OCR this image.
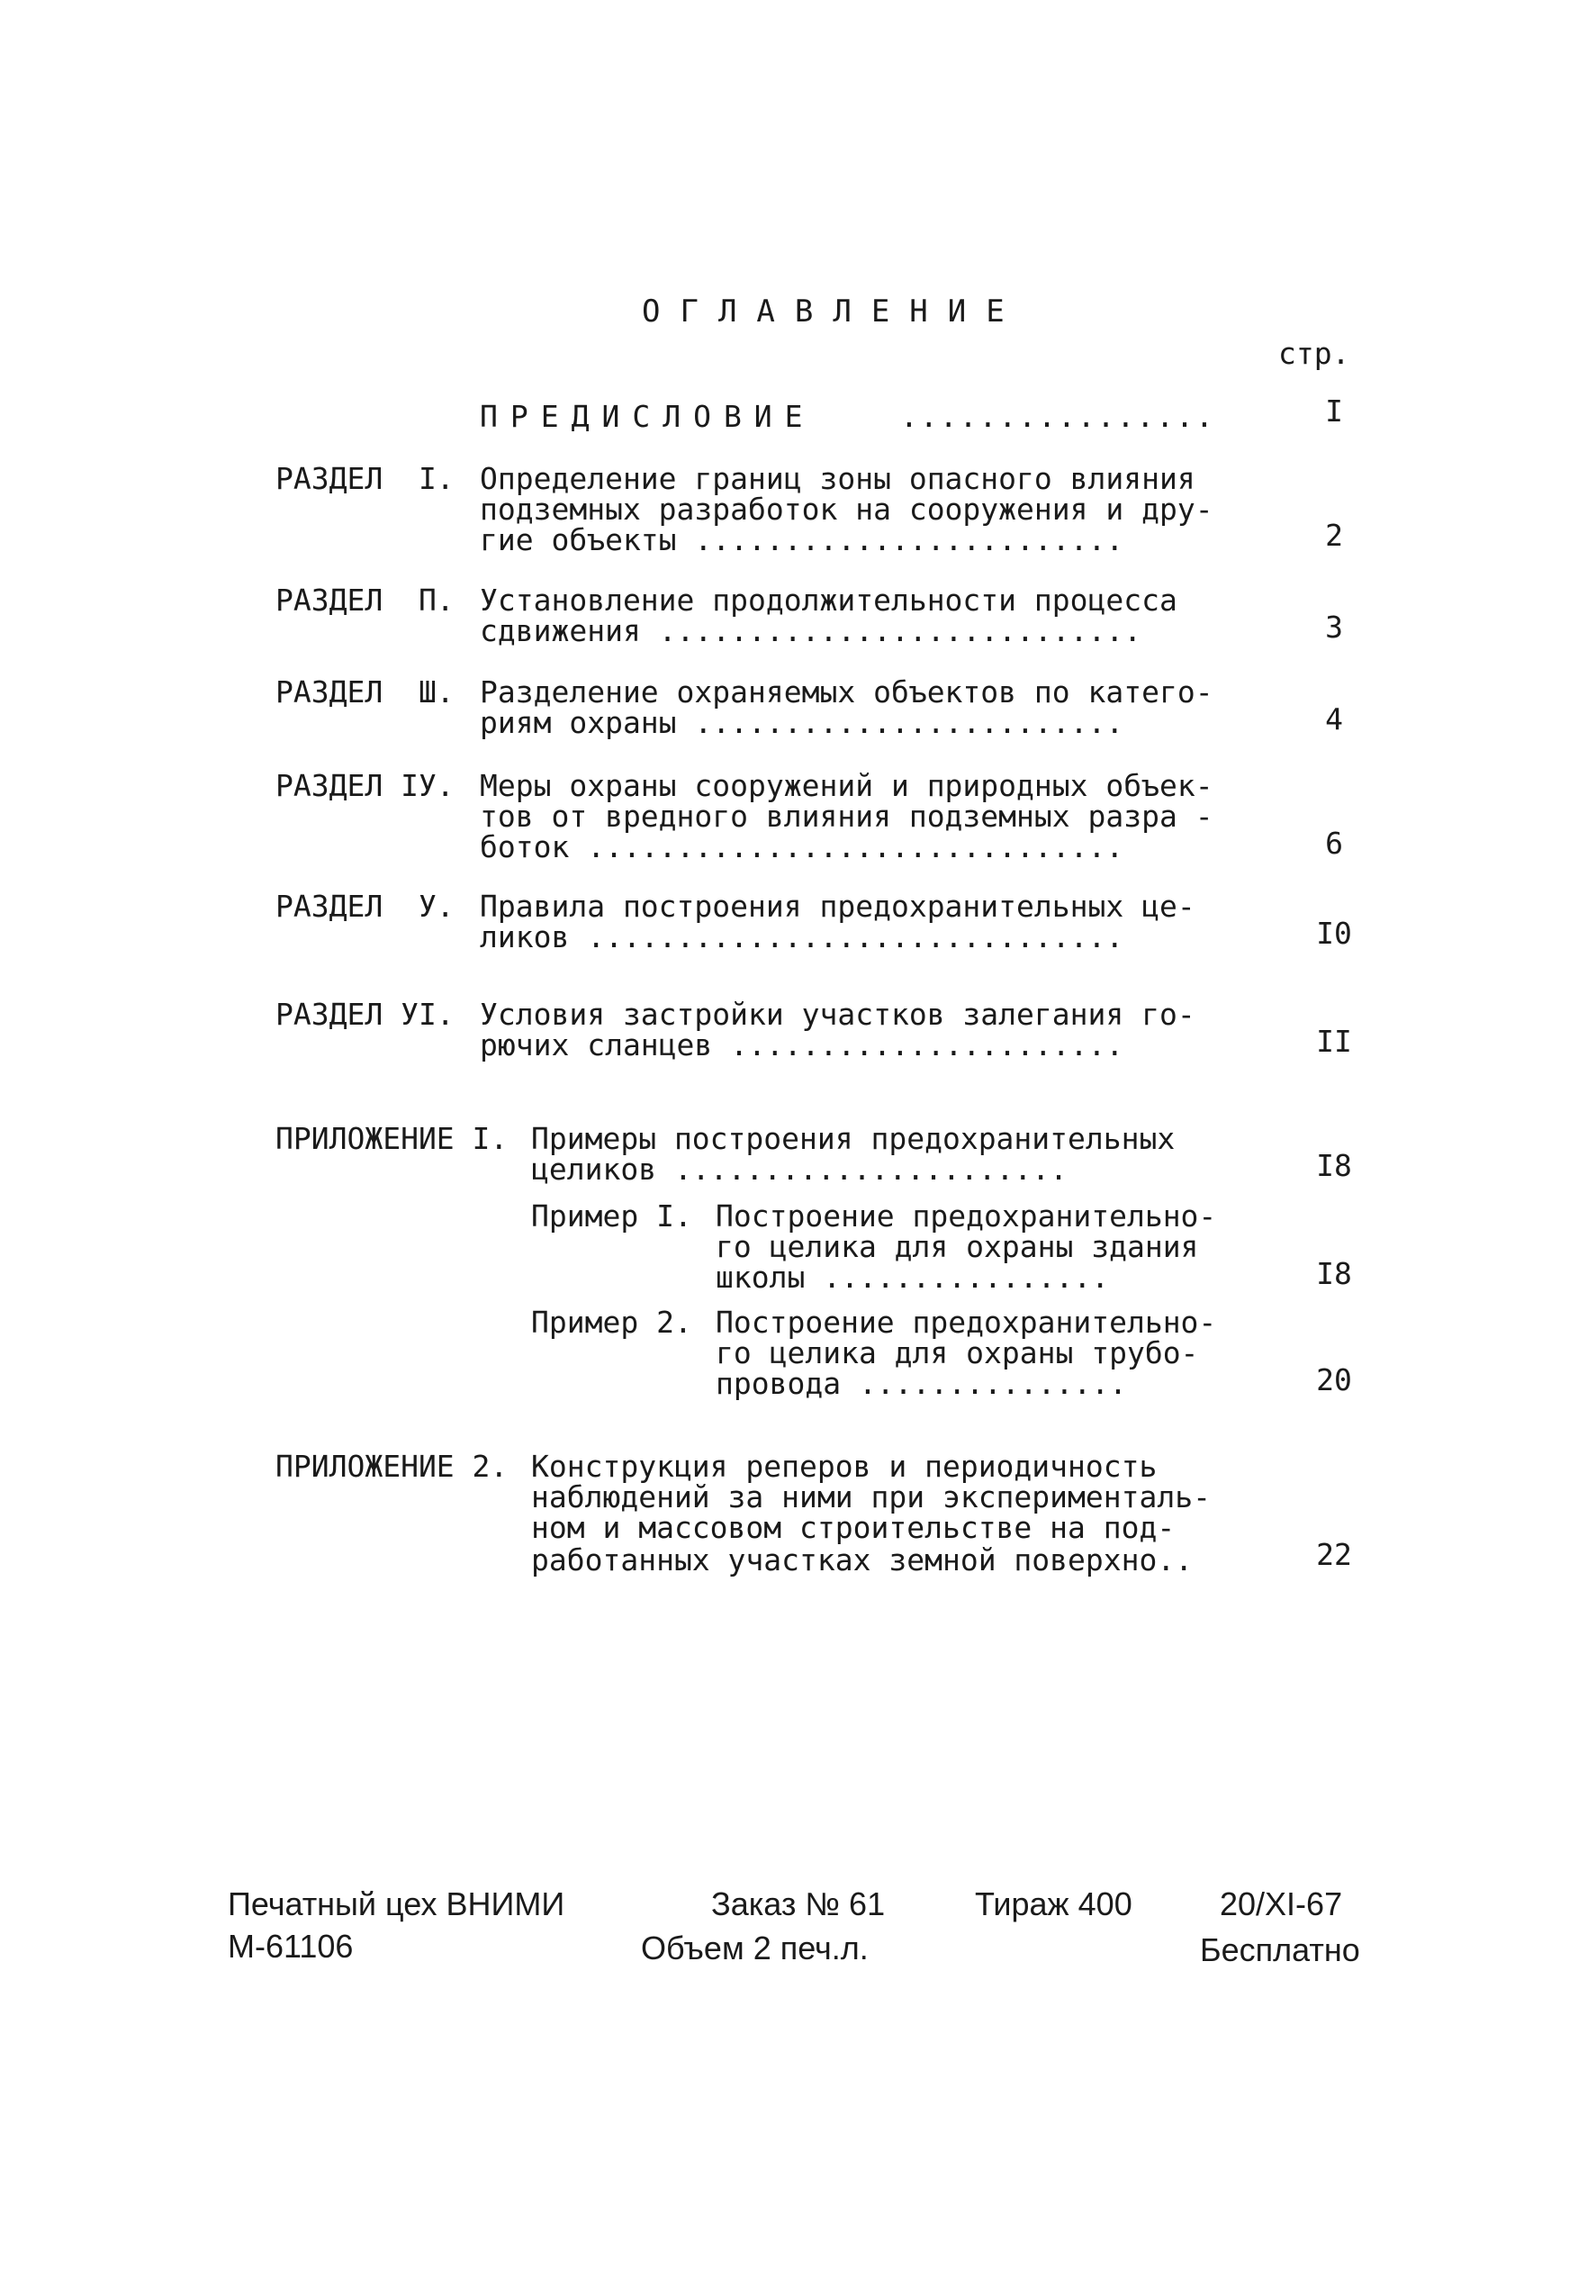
ОГЛАВЛЕНИЕ
стр.
ПРЕДИСЛОВИЕ	................	I
РАЗДЕЛ  I. Определение границ зоны опасного влияния
подземных разработок на сооружения и дру-
гие объекты ........................	2
РАЗДЕЛ  П. Установление продолжительности процесса
сдвижения ...........................	3
РАЗДЕЛ  Ш. Разделение охраняемых объектов по катего-
риям охраны ........................	4
РАЗДЕЛ IУ. Меры охраны сооружений и природных объек-
тов от вредного влияния подземных разра -
боток ..............................	6
РАЗДЕЛ  У. Правила построения предохранительных це-
ликов ..............................	I0
РАЗДЕЛ УI. Условия застройки участков залегания го-
рючих сланцев ......................	II
ПРИЛОЖЕНИЕ I. Примеры построения предохранительных
целиков ......................	I8
Пример I. Построение предохранительно-
го целика для охраны здания
школы ................	I8
Пример 2. Построение предохранительно-
го целика для охраны трубо-
провода ...............	20
ПРИЛОЖЕНИЕ 2. Конструкция реперов и периодичность
наблюдений за ними при эксперименталь-
ном и массовом строительстве на под-
работанных участках земной поверхно..	22
Печатный цех ВНИМИ	Заказ № 61	Тираж 400	20/XI-67
М-61106	Объем 2 печ.л.	Бесплатно
